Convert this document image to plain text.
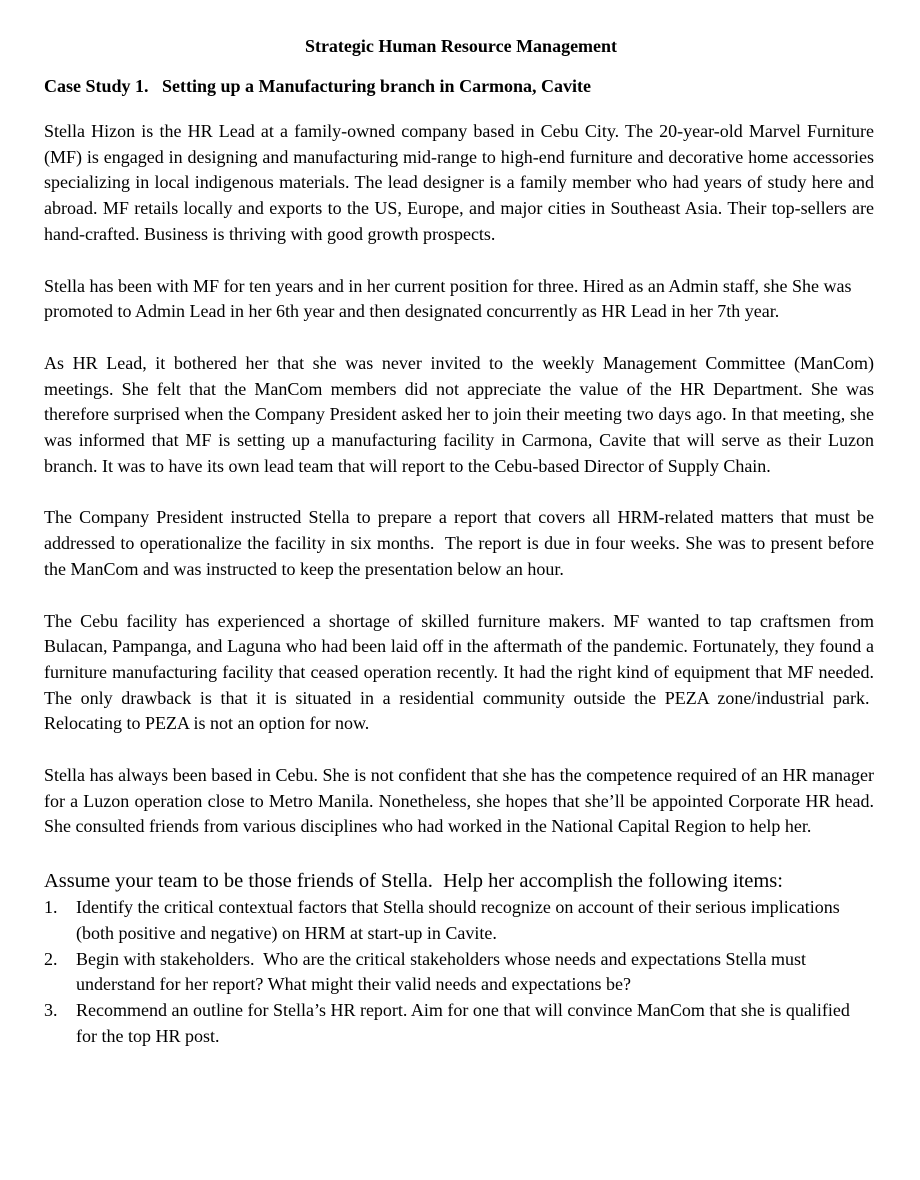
Strategic Human Resource Management
Case Study 1.   Setting up a Manufacturing branch in Carmona, Cavite

Stella Hizon is the HR Lead at a family-owned company based in Cebu City. The 20-year-old Marvel Furniture (MF) is engaged in designing and manufacturing mid-range to high-end furniture and decorative home accessories specializing in local indigenous materials. The lead designer is a family member who had years of study here and abroad. MF retails locally and exports to the US, Europe, and major cities in Southeast Asia. Their top-sellers are hand-crafted. Business is thriving with good growth prospects.

Stella has been with MF for ten years and in her current position for three. Hired as an Admin staff, she She was promoted to Admin Lead in her 6th year and then designated concurrently as HR Lead in her 7th year.

As HR Lead, it bothered her that she was never invited to the weekly Management Committee (ManCom) meetings. She felt that the ManCom members did not appreciate the value of the HR Department. She was therefore surprised when the Company President asked her to join their meeting two days ago. In that meeting, she was informed that MF is setting up a manufacturing facility in Carmona, Cavite that will serve as their Luzon branch. It was to have its own lead team that will report to the Cebu-based Director of Supply Chain.

The Company President instructed Stella to prepare a report that covers all HRM-related matters that must be addressed to operationalize the facility in six months.  The report is due in four weeks. She was to present before the ManCom and was instructed to keep the presentation below an hour.

The Cebu facility has experienced a shortage of skilled furniture makers. MF wanted to tap craftsmen from Bulacan, Pampanga, and Laguna who had been laid off in the aftermath of the pandemic. Fortunately, they found a furniture manufacturing facility that ceased operation recently. It had the right kind of equipment that MF needed. The only drawback is that it is situated in a residential community outside the PEZA zone/industrial park.  Relocating to PEZA is not an option for now.

Stella has always been based in Cebu. She is not confident that she has the competence required of an HR manager for a Luzon operation close to Metro Manila. Nonetheless, she hopes that she’ll be appointed Corporate HR head. She consulted friends from various disciplines who had worked in the National Capital Region to help her.

Assume your team to be those friends of Stella.  Help her accomplish the following items:

1. Identify the critical contextual factors that Stella should recognize on account of their serious implications (both positive and negative) on HRM at start-up in Cavite.
2. Begin with stakeholders.  Who are the critical stakeholders whose needs and expectations Stella must understand for her report? What might their valid needs and expectations be?
3. Recommend an outline for Stella’s HR report. Aim for one that will convince ManCom that she is qualified for the top HR post.
